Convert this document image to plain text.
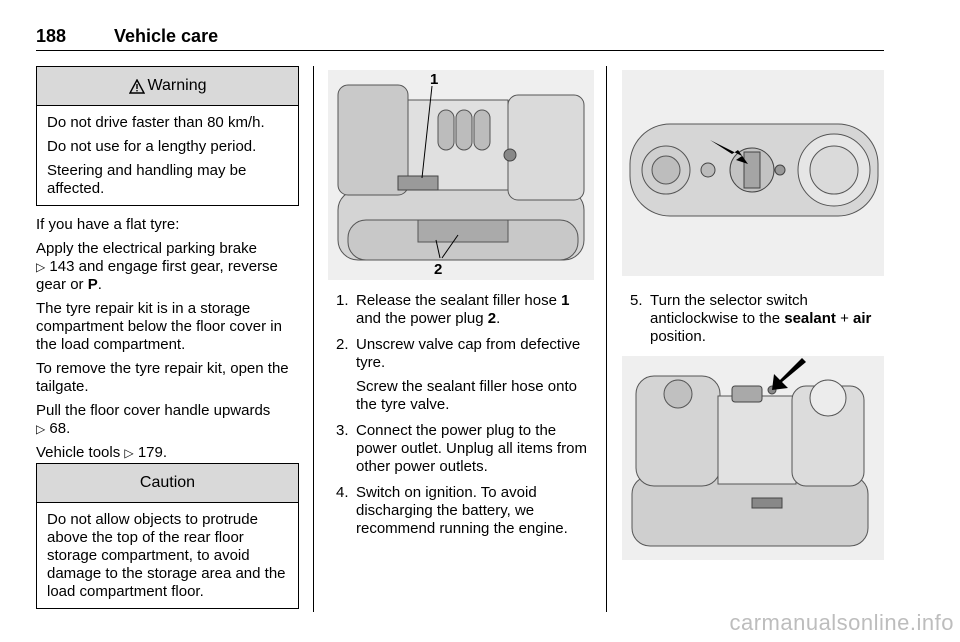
188	Vehicle care
Warning

Do not drive faster than 80 km/h.

Do not use for a lengthy period.

Steering and handling may be affected.

If you have a flat tyre:

Apply the electrical parking brake
▷ 143 and engage first gear, reverse gear or P.

The tyre repair kit is in a storage compartment below the floor cover in the load compartment.

To remove the tyre repair kit, open the tailgate.

Pull the floor cover handle upwards
▷ 68.

Vehicle tools ▷ 179.

Caution

Do not allow objects to protrude above the top of the rear floor storage compartment, to avoid damage to the storage area and the load compartment floor.

1
2
1. Release the sealant filler hose 1 and the power plug 2.
2. Unscrew valve cap from defective tyre.
Screw the sealant filler hose onto the tyre valve.
3. Connect the power plug to the power outlet. Unplug all items from other power outlets.
4. Switch on ignition. To avoid discharging the battery, we recommend running the engine.
5. Turn the selector switch anticlockwise to the sealant + air position.
carmanualsonline.info
